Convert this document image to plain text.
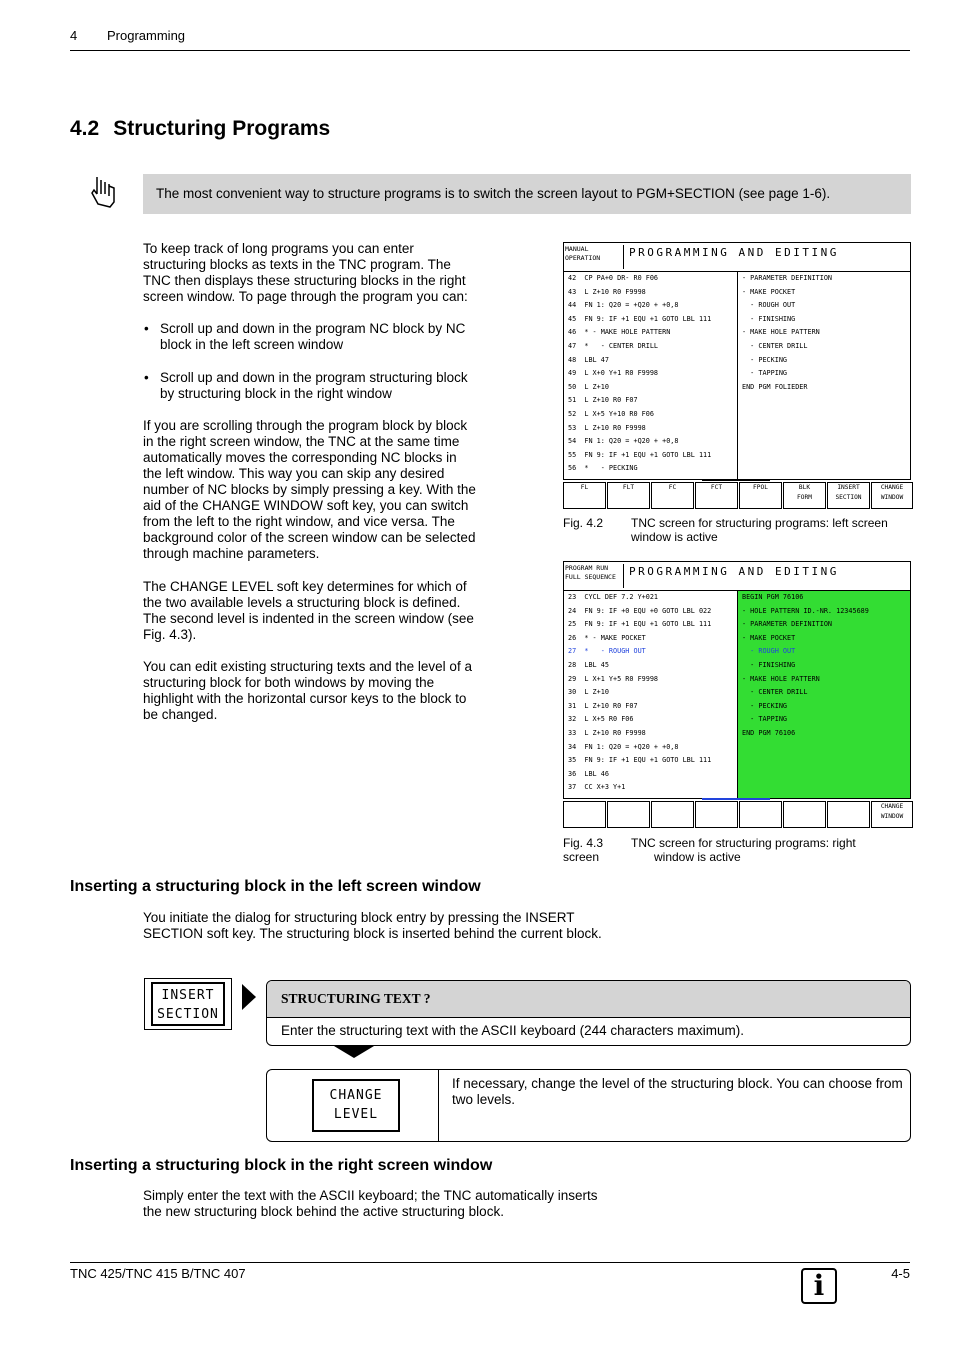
4 Programming
4.2 Structuring Programs
The most convenient way to structure programs is to switch the screen layout to PGM+SECTION (see page 1-6).

To keep track of long programs you can enter structuring blocks as texts in the TNC program. The TNC then displays these structuring blocks in the right screen window. To page through the program you can:

• Scroll up and down in the program NC block by NC block in the left screen window

• Scroll up and down in the program structuring block by structuring block in the right window

If you are scrolling through the program block by block in the right screen window, the TNC at the same time automatically moves the corresponding NC blocks in the left window. This way you can skip any desired number of NC blocks by simply pressing a key. With the aid of the CHANGE WINDOW soft key, you can switch from the left to the right window, and vice versa. The background color of the screen window can be selected through machine parameters.

The CHANGE LEVEL soft key determines for which of the two available levels a structuring block is defined. The second level is indented in the screen window (see Fig. 4.3).

You can edit existing structuring texts and the level of a structuring block for both windows by moving the highlight with the horizontal cursor keys to the block to be changed.

MANUAL
OPERATION	PROGRAMMING AND EDITING
42  CP PA+0 DR- R0 F06
43  L Z+10 R0 F9998
44  FN 1: Q20 = +Q20 + +0,8
45  FN 9: IF +1 EQU +1 GOTO LBL 111
46  * - MAKE HOLE PATTERN
47  *   - CENTER DRILL
48  LBL 47
49  L X+0 Y+1 R0 F9998
50  L Z+10
51  L Z+10 R0 F07
52  L X+5 Y+10 R0 F06
53  L Z+10 R0 F9998
54  FN 1: Q20 = +Q20 + +0,8
55  FN 9: IF +1 EQU +1 GOTO LBL 111
56  *   - PECKING
- PARAMETER DEFINITION
- MAKE POCKET
- ROUGH OUT
- FINISHING
- MAKE HOLE PATTERN
- CENTER DRILL
- PECKING
- TAPPING
END PGM FOLIEDER
FL	FLT	FC	FCT	FPOL	BLK
FORM
INSERT
SECTION
CHANGE
WINDOW
Fig. 4.2 TNC screen for structuring programs: left screen window is active
PROGRAM RUN
FULL SEQUENCE	PROGRAMMING AND EDITING
23  CYCL DEF 7.2 Y+021
24  FN 9: IF +0 EQU +0 GOTO LBL 022
25  FN 9: IF +1 EQU +1 GOTO LBL 111
26  * - MAKE POCKET
27  *   - ROUGH OUT
28  LBL 45
29  L X+1 Y+5 R0 F9998
30  L Z+10
31  L Z+10 R0 F07
32  L X+5 R0 F06
33  L Z+10 R0 F9998
34  FN 1: Q20 = +Q20 + +0,8
35  FN 9: IF +1 EQU +1 GOTO LBL 111
36  LBL 46
37  CC X+3 Y+1
BEGIN PGM 76106
- HOLE PATTERN ID.-NR. 12345689
- PARAMETER DEFINITION
- MAKE POCKET
- ROUGH OUT
- FINISHING
- MAKE HOLE PATTERN
- CENTER DRILL
- PECKING
- TAPPING
END PGM 76106
CHANGE
WINDOW
Fig. 4.3
screen
TNC screen for structuring programs: right
window is active
Inserting a structuring block in the left screen window
You initiate the dialog for structuring block entry by pressing the INSERT SECTION soft key. The structuring block is inserted behind the current block.
INSERT
SECTION
STRUCTURING TEXT ?
Enter the structuring text with the ASCII keyboard (244 characters maximum).
CHANGE
LEVEL
If necessary, change the level of the structuring block. You can choose from two levels.
Inserting a structuring block in the right screen window
Simply enter the text with the ASCII keyboard; the TNC automatically inserts the new structuring block behind the active structuring block.
TNC 425/TNC 415 B/TNC 407	4-5
i
